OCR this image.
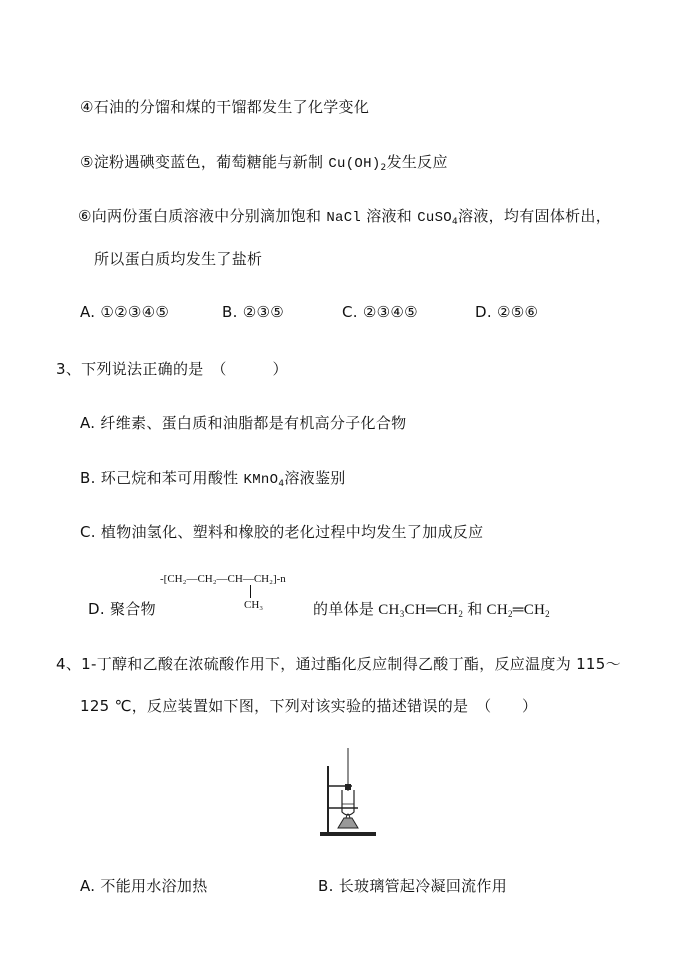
④石油的分馏和煤的干馏都发生了化学变化
⑤淀粉遇碘变蓝色，葡萄糖能与新制 $Cu(OH)_2$发生反应
⑥向两份蛋白质溶液中分别滴加饱和 NaCl 溶液和 CuSO$_4$溶液，均有固体析出，
所以蛋白质均发生了盐析
A. ①②③④⑤	B. ②③⑤	C. ②③④⑤	D. ②⑤⑥
3、下列说法正确的是　（　　　）
A. 纤维素、蛋白质和油脂都是有机高分子化合物
B. 环己烷和苯可用酸性 KMnO$_4$溶液鉴别
C. 植物油氢化、塑料和橡胶的老化过程中均发生了加成反应
-[CH₂—CH₂—CH—CH₂]-n
CH₃
D. 聚合物	的单体是 $CH_3CH═CH_2$ 和 $CH_2═CH_2$
4、1-丁醇和乙酸在浓硫酸作用下，通过酯化反应制得乙酸丁酯，反应温度为 115～
125 ℃，反应装置如下图，下列对该实验的描述错误的是　（　　）
A. 不能用水浴加热	B. 长玻璃管起冷凝回流作用
